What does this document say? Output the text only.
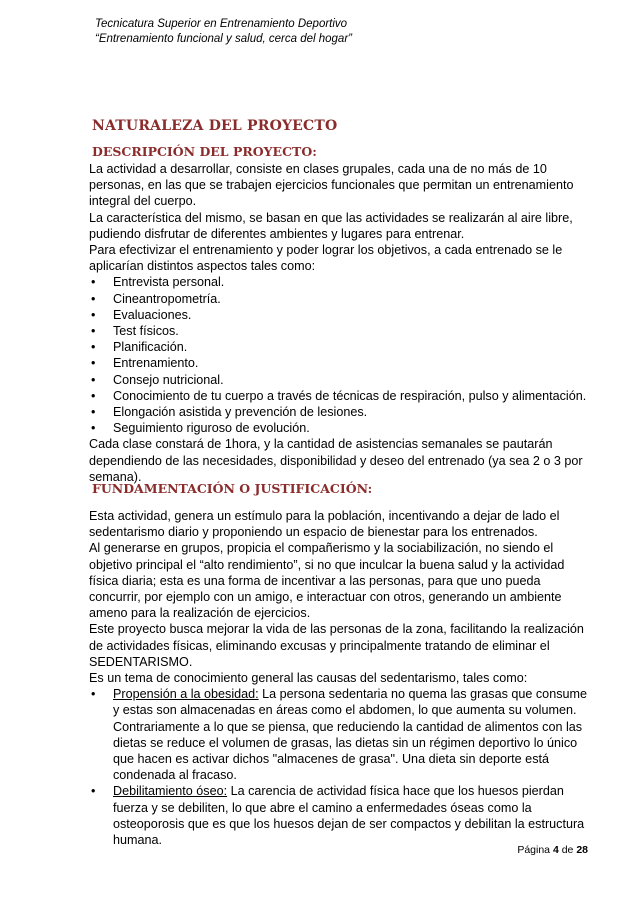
Tecnicatura Superior en Entrenamiento Deportivo
“Entrenamiento funcional y salud, cerca del hogar”
NATURALEZA DEL PROYECTO
DESCRIPCIÓN DEL PROYECTO:

La actividad a desarrollar, consiste en clases grupales, cada una de no más de 10

personas, en las que se trabajen ejercicios funcionales que permitan un entrenamiento

integral del cuerpo.

La característica del mismo, se basan en que las actividades se realizarán al aire libre,

pudiendo disfrutar de diferentes ambientes y lugares para entrenar.

Para efectivizar el entrenamiento y poder lograr los objetivos, a cada entrenado se le

aplicarían distintos aspectos tales como:

• Entrevista personal.
• Cineantropometría.
• Evaluaciones.
• Test físicos.
• Planificación.
• Entrenamiento.
• Consejo nutricional.
• Conocimiento de tu cuerpo a través de técnicas de respiración, pulso y alimentación.
• Elongación asistida y prevención de lesiones.
• Seguimiento riguroso de evolución.

Cada clase constará de 1hora, y la cantidad de asistencias semanales se pautarán

dependiendo de las necesidades, disponibilidad y deseo del entrenado (ya sea 2 o 3 por

semana).

FUNDAMENTACIÓN O JUSTIFICACIÓN:

Esta actividad, genera un estímulo para la población, incentivando a dejar de lado el

sedentarismo diario y proponiendo un espacio de bienestar para los entrenados.

Al generarse en grupos, propicia el compañerismo y la sociabilización, no siendo el

objetivo principal el “alto rendimiento”, si no que inculcar la buena salud y la actividad

física diaria; esta es una forma de incentivar a las personas, para que uno pueda

concurrir, por ejemplo con un amigo, e interactuar con otros, generando un ambiente

ameno para la realización de ejercicios.

Este proyecto busca mejorar la vida de las personas de la zona, facilitando la realización

de actividades físicas, eliminando excusas y principalmente tratando de eliminar el

SEDENTARISMO.

Es un tema de conocimiento general las causas del sedentarismo, tales como:

• Propensión a la obesidad: La persona sedentaria no quema las grasas que consume
y estas son almacenadas en áreas como el abdomen, lo que aumenta su volumen.
Contrariamente a lo que se piensa, que reduciendo la cantidad de alimentos con las
dietas se reduce el volumen de grasas, las dietas sin un régimen deportivo lo único
que hacen es activar dichos "almacenes de grasa". Una dieta sin deporte está
condenada al fracaso.
• Debilitamiento óseo: La carencia de actividad física hace que los huesos pierdan
fuerza y se debiliten, lo que abre el camino a enfermedades óseas como la
osteoporosis que es que los huesos dejan de ser compactos y debilitan la estructura
humana.
Página 4 de 28
